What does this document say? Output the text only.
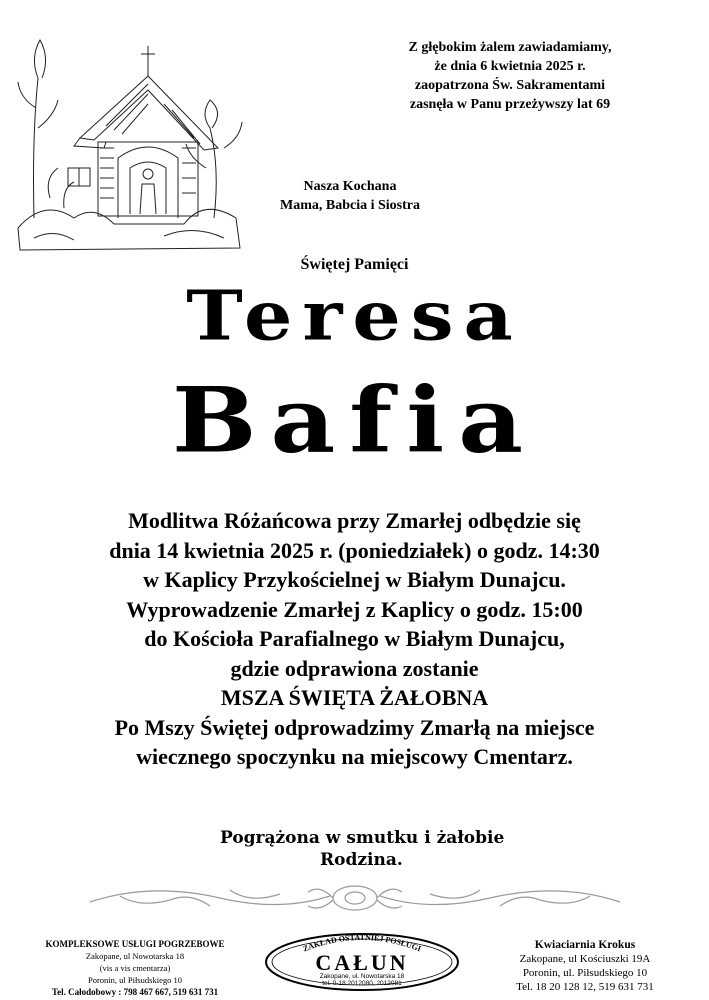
Z głębokim żalem zawiadamiamy,
że dnia 6 kwietnia 2025 r.
zaopatrzona Św. Sakramentami
zasnęła w Panu przeżywszy lat 69
Nasza Kochana
Mama, Babcia i Siostra
Świętej Pamięci
Teresa
Bafia
Modlitwa Różańcowa przy Zmarłej odbędzie się
dnia 14 kwietnia 2025 r. (poniedziałek) o godz. 14:30
w Kaplicy Przykościelnej w Białym Dunajcu.
Wyprowadzenie Zmarłej z Kaplicy o godz. 15:00
do Kościoła Parafialnego w Białym Dunajcu,
gdzie odprawiona zostanie
MSZA ŚWIĘTA ŻAŁOBNA
Po Mszy Świętej odprowadzimy Zmarłą na miejsce
wiecznego spoczynku na miejscowy Cmentarz.
Pogrążona w smutku i żałobie
Rodzina.
KOMPLEKSOWE USŁUGI POGRZEBOWE
Zakopane, ul Nowotarska 18
(vis a vis cmentarza)
Poronin, ul Piłsudskiego 10
Tel. Całodobowy : 798 467 667, 519 631 731
ZAKŁAD OSTATNIEJ POSŁUGI
CAŁUN
Zakopane, ul. Nowotarska 18
tel. 0-18 2012080, 2012081
Kwiaciarnia Krokus
Zakopane, ul Kościuszki 19A
Poronin, ul. Piłsudskiego 10
Tel. 18 20 128 12, 519 631 731
